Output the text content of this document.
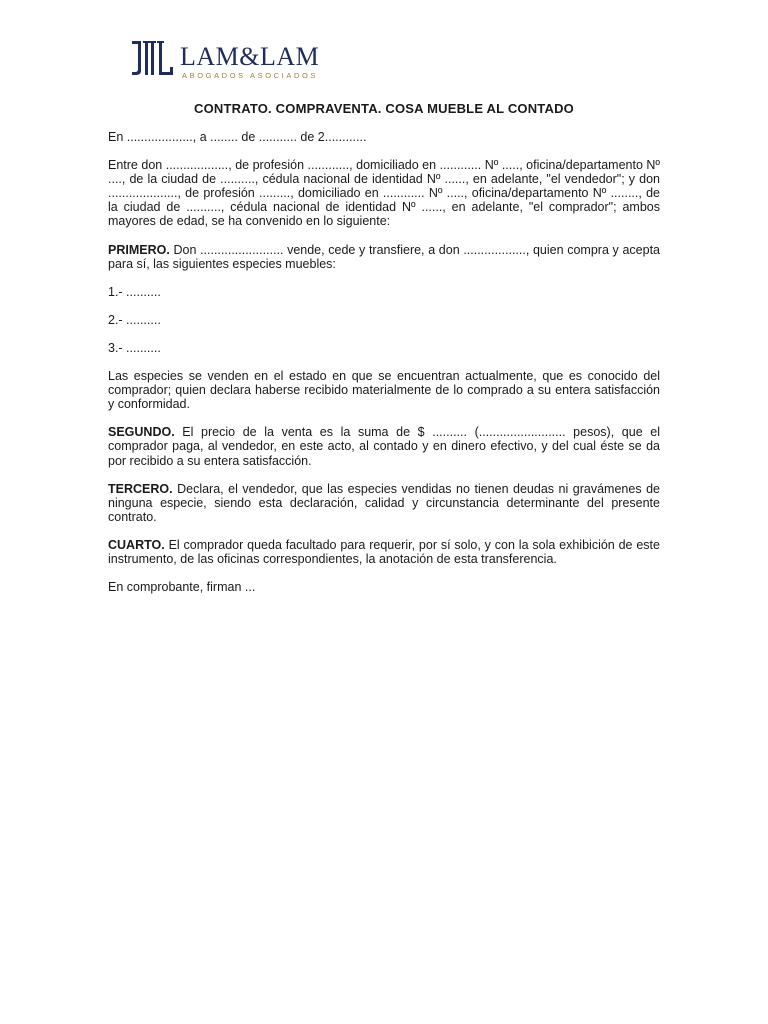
LAM&LAM
ABOGADOS ASOCIADOS
CONTRATO. COMPRAVENTA. COSA MUEBLE AL CONTADO

En ..................., a ........ de ........... de 2............

Entre don .................., de profesión ............, domiciliado en ............ Nº ....., oficina/departamento Nº ...., de la ciudad de .........., cédula nacional de identidad Nº ......, en adelante, "el vendedor"; y don ...................., de profesión ........., domiciliado en ............ Nº ....., oficina/departamento Nº ........, de la ciudad de .........., cédula nacional de identidad Nº ......, en adelante, "el comprador"; ambos mayores de edad, se ha convenido en lo siguiente:

PRIMERO. Don ........................ vende, cede y transfiere, a don .................., quien compra y acepta para sí, las siguientes especies muebles:

1.- ..........

2.- ..........

3.- ..........

Las especies se venden en el estado en que se encuentran actualmente, que es conocido del comprador; quien declara haberse recibido materialmente de lo comprado a su entera satisfacción y conformidad.

SEGUNDO. El precio de la venta es la suma de $ .......... (......................... pesos), que el comprador paga, al vendedor, en este acto, al contado y en dinero efectivo, y del cual éste se da por recibido a su entera satisfacción.

TERCERO. Declara, el vendedor, que las especies vendidas no tienen deudas ni gravámenes de ninguna especie, siendo esta declaración, calidad y circunstancia determinante del presente contrato.

CUARTO. El comprador queda facultado para requerir, por sí solo, y con la sola exhibición de este instrumento, de las oficinas correspondientes, la anotación de esta transferencia.

En comprobante, firman ...
